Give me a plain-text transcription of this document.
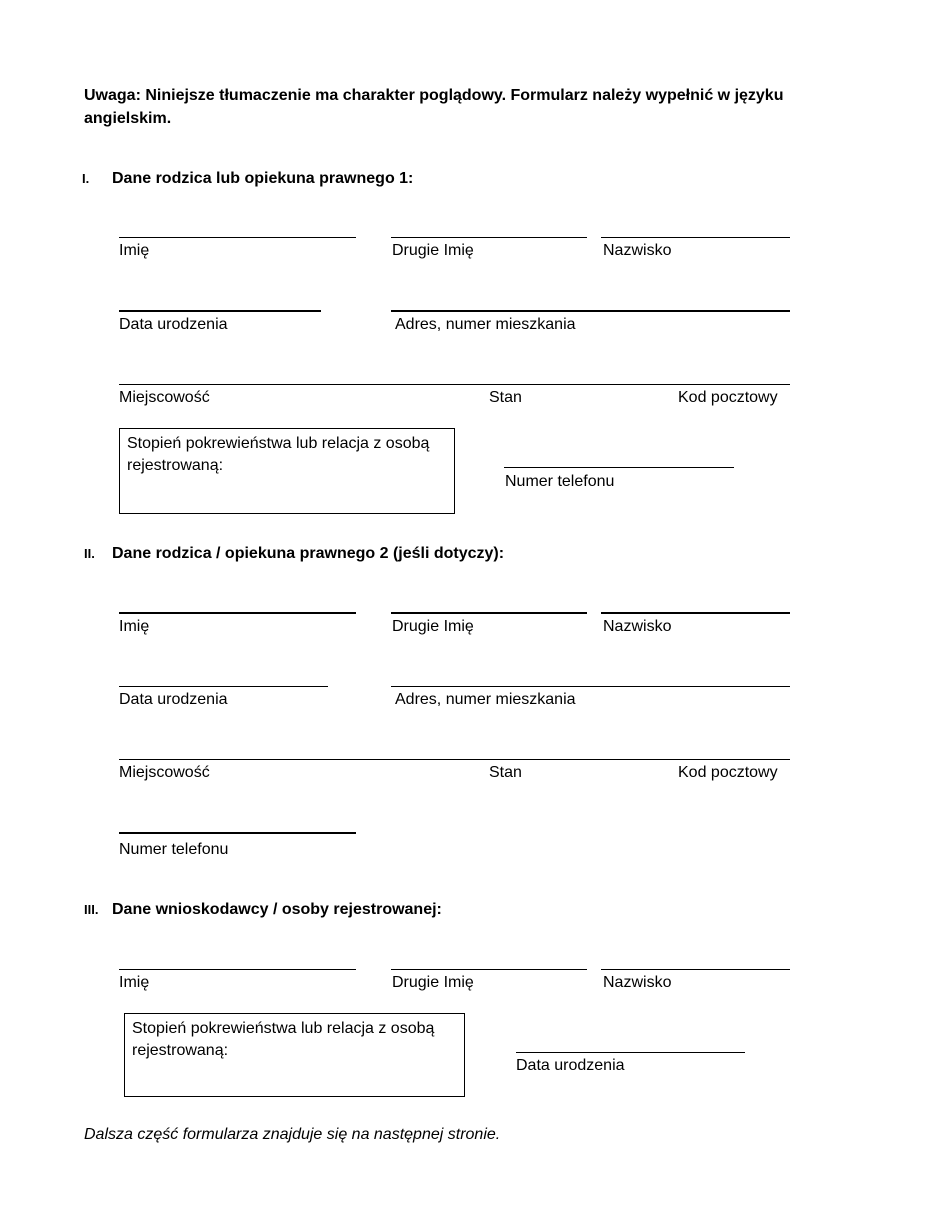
Uwaga: Niniejsze tłumaczenie ma charakter poglądowy. Formularz należy wypełnić w języku angielskim.
I. Dane rodzica lub opiekuna prawnego 1:
Imię	Drugie Imię	Nazwisko
Data urodzenia	Adres, numer mieszkania
Miejscowość	Stan	Kod pocztowy
Stopień pokrewieństwa lub relacja z osobą rejestrowaną:
Numer telefonu
II. Dane rodzica / opiekuna prawnego 2 (jeśli dotyczy):
Imię	Drugie Imię	Nazwisko
Data urodzenia	Adres, numer mieszkania
Miejscowość	Stan	Kod pocztowy
Numer telefonu
III. Dane wnioskodawcy / osoby rejestrowanej:
Imię	Drugie Imię	Nazwisko
Stopień pokrewieństwa lub relacja z osobą rejestrowaną:
Data urodzenia
Dalsza część formularza znajduje się na następnej stronie.
